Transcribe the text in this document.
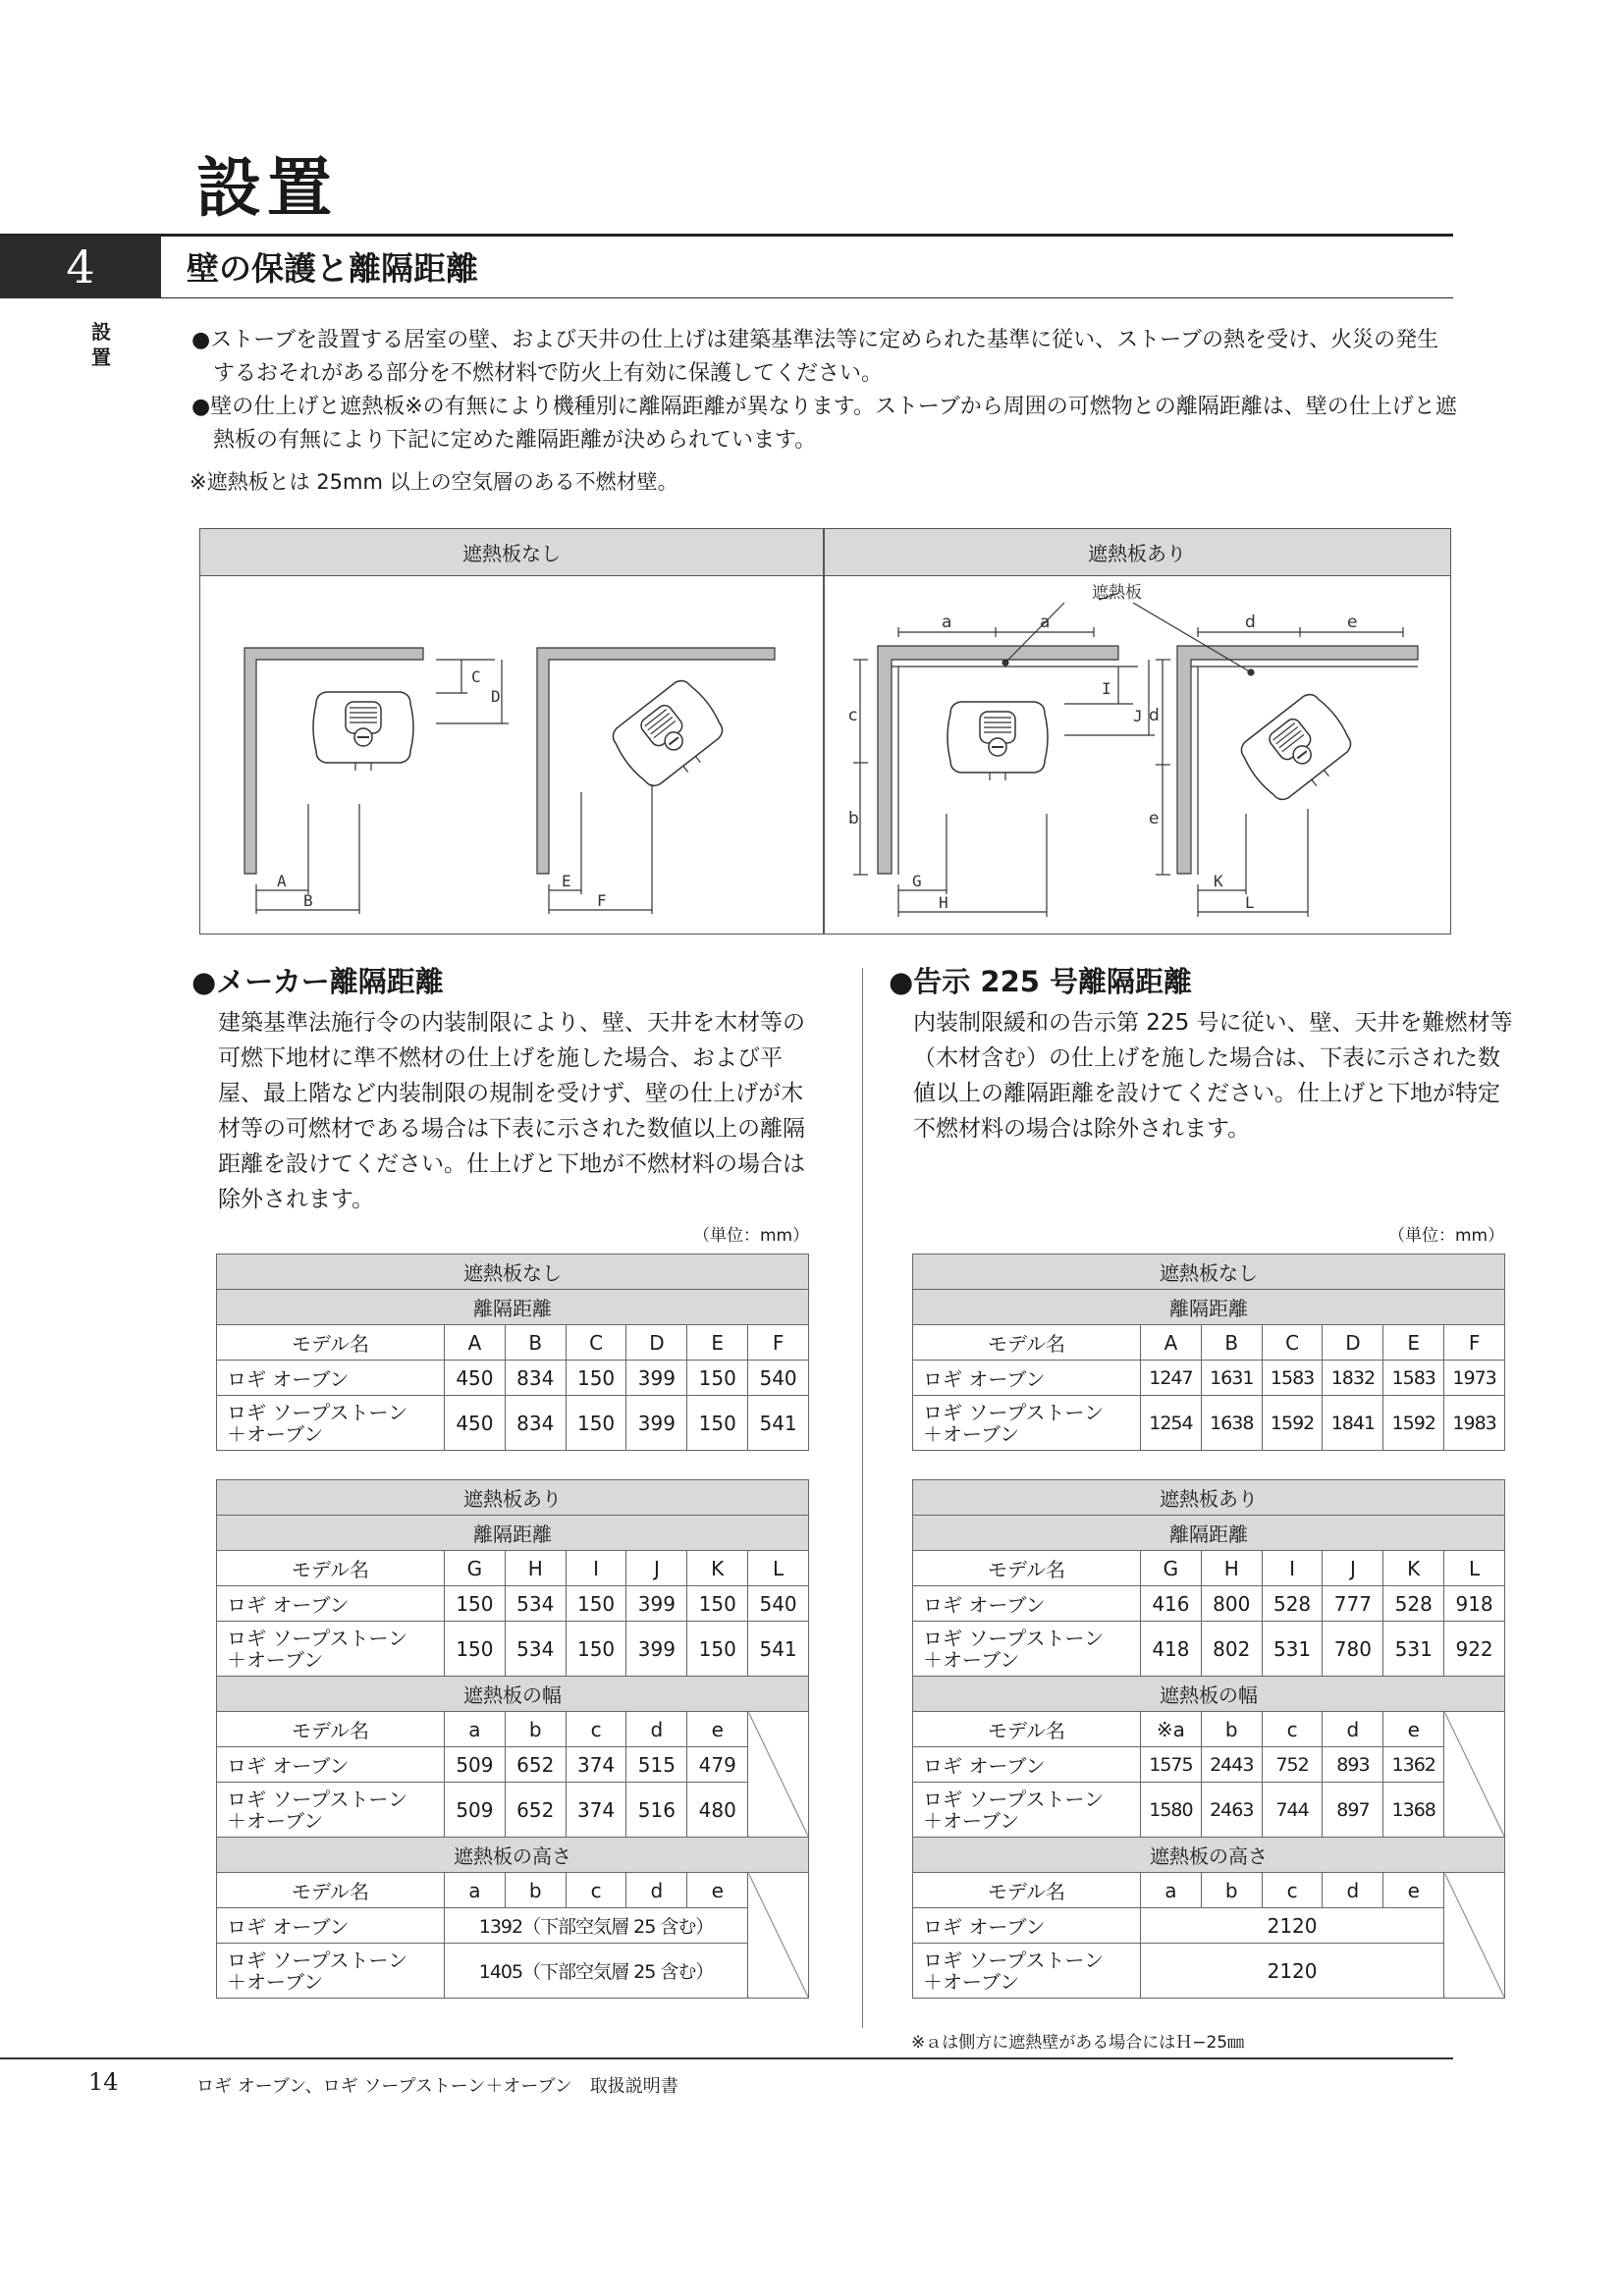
設置
4	壁の保護と離隔距離
設
置

●ストーブを設置する居室の壁、および天井の仕上げは建築基準法等に定められた基準に従い、ストーブの熱を受け、火災の発生するおそれがある部分を不燃材料で防火上有効に保護してください。

●壁の仕上げと遮熱板※の有無により機種別に離隔距離が異なります。ストーブから周囲の可燃物との離隔距離は、壁の仕上げと遮熱板の有無により下記に定めた離隔距離が決められています。

※遮熱板とは 25mm 以上の空気層のある不燃材壁。

遮熱板なし	遮熱板あり
A
B
C
D
E
F
G
H
I
J
K
L
a	a
c
b
d	e
d
e
遮熱板
●メーカー離隔距離
建築基準法施行令の内装制限により、壁、天井を木材等の可燃下地材に準不燃材の仕上げを施した場合、および平屋、最上階など内装制限の規制を受けず、壁の仕上げが木材等の可燃材である場合は下表に示された数値以上の離隔距離を設けてください。仕上げと下地が不燃材料の場合は除外されます。
（単位：mm）
遮熱板なし						
離隔距離						
モデル名	A	B	C	D	E	F
ロギ オーブン	450	834	150	399	150	540

ロギ ソープストーン
＋オーブン	450	834	150	399	150	541
遮熱板あり						
離隔距離						
モデル名	G	H	I	J	K	L
ロギ オーブン	150	534	150	399	150	540

ロギ ソープストーン
＋オーブン	150	534	150	399	150	541
遮熱板の幅						
モデル名	a	b	c	d	e	
ロギ オーブン	509	652	374	515	479	

ロギ ソープストーン
＋オーブン	509	652	374	516	480	
遮熱板の高さ						
モデル名	a	b	c	d	e	
ロギ オーブン	1392（下部空気層 25 含む）					

ロギ ソープストーン
＋オーブン	1405（下部空気層 25 含む）					
●告示 225 号離隔距離
内装制限緩和の告示第 225 号に従い、壁、天井を難燃材等（木材含む）の仕上げを施した場合は、下表に示された数値以上の離隔距離を設けてください。仕上げと下地が特定不燃材料の場合は除外されます。
（単位：mm）
遮熱板なし						
離隔距離						
モデル名	A	B	C	D	E	F
ロギ オーブン	1247	1631	1583	1832	1583	1973

ロギ ソープストーン
＋オーブン	1254	1638	1592	1841	1592	1983
遮熱板あり						
離隔距離						
モデル名	G	H	I	J	K	L
ロギ オーブン	416	800	528	777	528	918

ロギ ソープストーン
＋オーブン	418	802	531	780	531	922
遮熱板の幅						
モデル名	※a	b	c	d	e	
ロギ オーブン	1575	2443	752	893	1362	

ロギ ソープストーン
＋オーブン	1580	2463	744	897	1368	
遮熱板の高さ						
モデル名	a	b	c	d	e	
ロギ オーブン	2120					

ロギ ソープストーン
＋オーブン	2120					
※ａは側方に遮熱壁がある場合にはＨ−25㎜
14	ロギ オーブン、ロギ ソープストーン＋オーブン　取扱説明書
